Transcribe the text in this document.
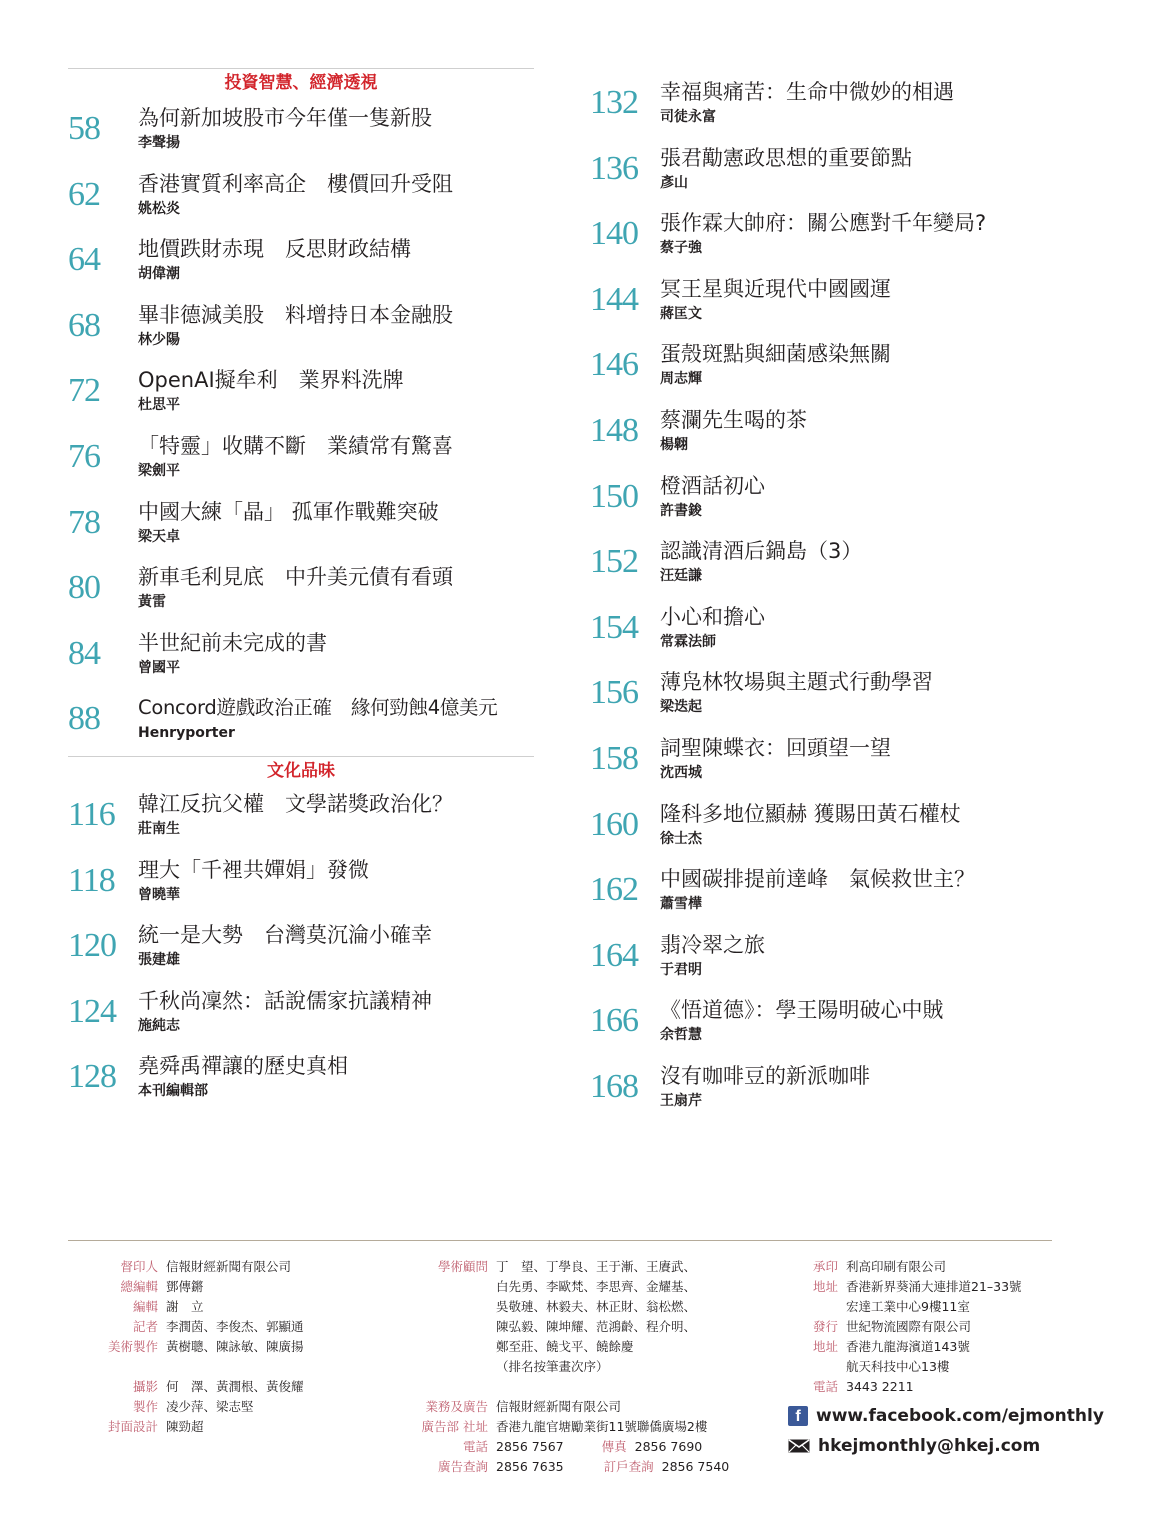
投資智慧、經濟透視
58 為何新加坡股市今年僅一隻新股
李聲揚
62 香港實質利率高企　樓價回升受阻
姚松炎
64 地價跌財赤現　反思財政結構
胡偉潮
68 畢非德減美股　料增持日本金融股
林少陽
72 OpenAI擬牟利　業界料洗牌
杜思平
76 「特靈」收購不斷　業績常有驚喜
梁劍平
78 中國大練「晶」 孤軍作戰難突破
梁天卓
80 新車毛利見底　中升美元債有看頭
黃雷
84 半世紀前未完成的書
曾國平
88 Concord遊戲政治正確　緣何勁蝕4億美元
Henryporter
文化品味
116 韓江反抗父權　文學諾獎政治化？
莊南生
118 理大「千裡共嬋娟」發微
曾曉華
120 統一是大勢　台灣莫沉淪小確幸
張建雄
124 千秋尚凜然：話說儒家抗議精神
施純志
128 堯舜禹禪讓的歷史真相
本刊編輯部
132 幸福與痛苦：生命中微妙的相遇
司徒永富
136 張君勱憲政思想的重要節點
彥山
140 張作霖大帥府：關公應對千年變局?
蔡子強
144 冥王星與近現代中國國運
蔣匡文
146 蛋殼斑點與細菌感染無關
周志輝
148 蔡瀾先生喝的茶
楊翺
150 橙酒話初心
許書鋑
152 認識清酒后鍋島（3）
汪廷謙
154 小心和擔心
常霖法師
156 薄凫林牧場與主題式行動學習
梁迭起
158 詞聖陳蝶衣：回頭望一望
沈西城
160 隆科多地位顯赫 獲賜田黃石權杖
徐士杰
162 中國碳排提前達峰　氣候救世主？
蕭雪樺
164 翡冷翠之旅
于君明
166 《悟道德》：學王陽明破心中賊
余哲慧
168 沒有咖啡豆的新派咖啡
王扇芹
督印人 信報財經新聞有限公司
總編輯 鄧傳鏘
編輯 謝　立
記者 李潤茵、李俊杰、郭顯通
美術製作 黃樹聰、陳詠敏、陳廣揚
攝影 何　澤、黃潤根、黃俊耀
製作 凌少萍、梁志堅
封面設計 陳勁超
學術顧問 丁　望、丁學良、王于漸、王賡武、
白先勇、李歐梵、李思齊、金耀基、
吳敬璉、林毅夫、林正財、翁松燃、
陳弘毅、陳坤耀、范鴻齡、程介明、
鄭至莊、饒戈平、饒餘慶
（排名按筆畫次序）
業務及廣告 信報財經新聞有限公司
廣告部 社址 香港九龍官塘勵業街11號聯僑廣場2樓
電話 2856 7567	傳真 2856 7690
廣告查詢 2856 7635	訂戶查詢 2856 7540
承印 利高印刷有限公司
地址 香港新界葵涌大連排道21–33號
宏達工業中心9樓11室
發行 世紀物流國際有限公司
地址 香港九龍海濱道143號
航天科技中心13樓
電話 3443 2211
f www.facebook.com/ejmonthly
hkejmonthly@hkej.com
